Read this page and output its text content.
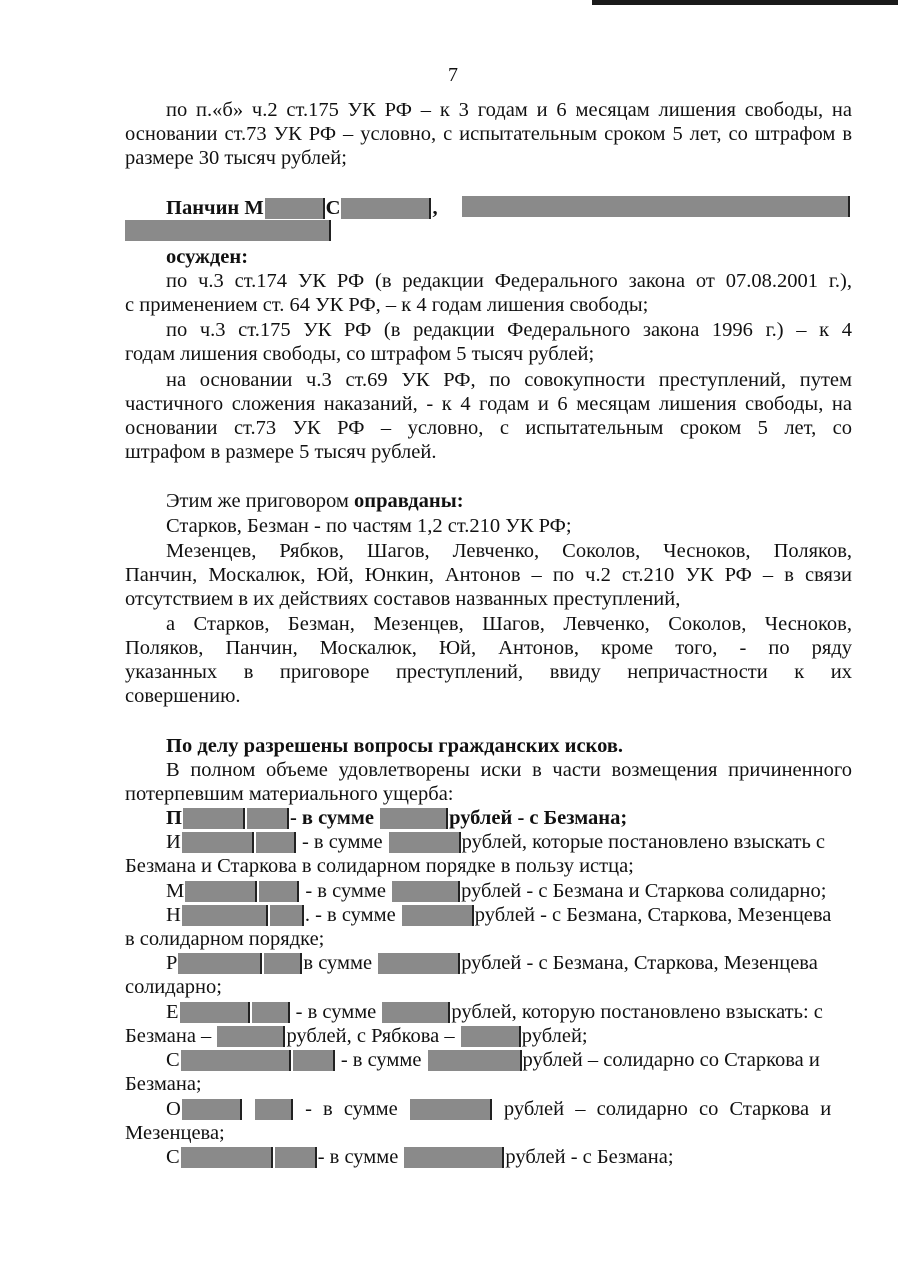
7
по п.«б» ч.2 ст.175 УК РФ – к 3 годам и 6 месяцам лишения свободы, на
основании ст.73 УК РФ – условно, с испытательным сроком 5 лет, со штрафом в
размере 30 тысяч рублей;
Панчин М	С	,
осужден:
по ч.3 ст.174 УК РФ (в редакции Федерального закона от 07.08.2001 г.),
с применением ст. 64 УК РФ, – к 4 годам лишения свободы;
по ч.3 ст.175 УК РФ (в редакции Федерального закона 1996 г.) – к 4
годам лишения свободы, со штрафом 5 тысяч рублей;
на основании ч.3 ст.69 УК РФ, по совокупности преступлений, путем
частичного сложения наказаний, - к 4 годам и 6 месяцам лишения свободы, на
основании ст.73 УК РФ – условно, с испытательным сроком 5 лет, со
штрафом в размере 5 тысяч рублей.
Этим же приговором оправданы:
Старков, Безман - по частям 1,2 ст.210 УК РФ;
Мезенцев, Рябков, Шагов, Левченко, Соколов, Чесноков, Поляков,
Панчин, Москалюк, Юй, Юнкин, Антонов – по ч.2 ст.210 УК РФ – в связи
отсутствием в их действиях составов названных преступлений,
а Старков, Безман, Мезенцев, Шагов, Левченко, Соколов, Чесноков,
Поляков, Панчин, Москалюк, Юй, Антонов, кроме того, - по ряду
указанных в приговоре преступлений, ввиду непричастности к их
совершению.
По делу разрешены вопросы гражданских исков.
В полном объеме удовлетворены иски в части возмещения причиненного
потерпевшим материального ущерба:
П	- в сумме	рублей - с Безмана;
И	- в сумме	рублей, которые постановлено взыскать с
Безмана и Старкова в солидарном порядке в пользу истца;
М	- в сумме	рублей - с Безмана и Старкова солидарно;
Н	. - в сумме	рублей - с Безмана, Старкова, Мезенцева
в солидарном порядке;
Р	в сумме	рублей - с Безмана, Старкова, Мезенцева
солидарно;
Е	- в сумме	рублей, которую постановлено взыскать: с
Безмана –	рублей, с Рябкова –	рублей;
С	- в сумме	рублей – солидарно со Старкова и
Безмана;
О	- в сумме	рублей – солидарно со Старкова и
Мезенцева;
С	- в сумме	рублей - с Безмана;
